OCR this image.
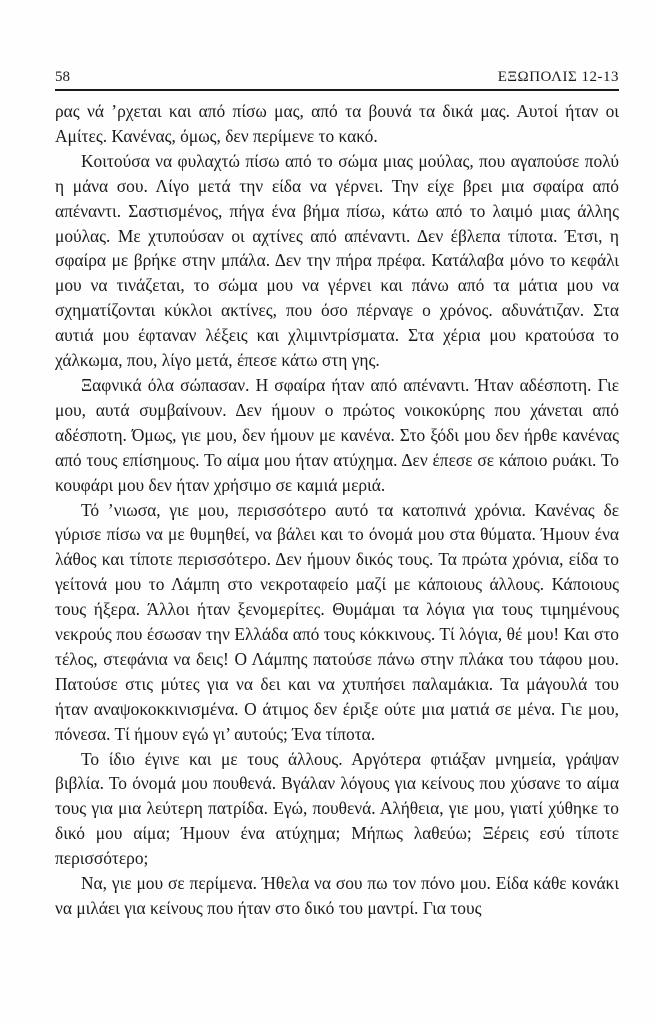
58	ΕΞΩΠΟΛΙΣ 12-13

ρας νά ’ρχεται και από πίσω μας, από τα βουνά τα δικά μας. Αυτοί ήταν οι Αμίτες. Κανένας, όμως, δεν περίμενε το κακό.

Κοιτούσα να φυλαχτώ πίσω από το σώμα μιας μούλας, που αγαπούσε πολύ η μάνα σου. Λίγο μετά την είδα να γέρνει. Την είχε βρει μια σφαίρα από απέναντι. Σαστισμένος, πήγα ένα βήμα πίσω, κάτω από το λαιμό μιας άλλης μούλας. Με χτυπούσαν οι αχτίνες από απέναντι. Δεν έβλεπα τίποτα. Έτσι, η σφαίρα με βρήκε στην μπάλα. Δεν την πήρα πρέφα. Κατάλαβα μόνο το κεφάλι μου να τινάζεται, το σώμα μου να γέρνει και πάνω από τα μάτια μου να σχηματίζονται κύκλοι ακτίνες, που όσο πέρναγε ο χρόνος. αδυνάτιζαν. Στα αυτιά μου έφταναν λέξεις και χλιμιντρίσματα. Στα χέρια μου κρατούσα το χάλκωμα, που, λίγο μετά, έπεσε κάτω στη γης.

Ξαφνικά όλα σώπασαν. Η σφαίρα ήταν από απέναντι. Ήταν αδέσποτη. Γιε μου, αυτά συμβαίνουν. Δεν ήμουν ο πρώτος νοικοκύρης που χάνεται από αδέσποτη. Όμως, γιε μου, δεν ήμουν με κανένα. Στο ξόδι μου δεν ήρθε κανένας από τους επίσημους. Το αίμα μου ήταν ατύχημα. Δεν έπεσε σε κάποιο ρυάκι. Το κουφάρι μου δεν ήταν χρήσιμο σε καμιά μεριά.

Τό ’νιωσα, γιε μου, περισσότερο αυτό τα κατοπινά χρόνια. Κανένας δε γύρισε πίσω να με θυμηθεί, να βάλει και το όνομά μου στα θύματα. Ήμουν ένα λάθος και τίποτε περισσότερο. Δεν ήμουν δικός τους. Τα πρώτα χρόνια, είδα το γείτονά μου το Λάμπη στο νεκροταφείο μαζί με κάποιους άλλους. Κάποιους τους ήξερα. Άλλοι ήταν ξενομερίτες. Θυμάμαι τα λόγια για τους τιμημένους νεκρούς που έσωσαν την Ελλάδα από τους κόκκινους. Τί λόγια, θέ μου! Και στο τέλος, στεφάνια να δεις! Ο Λάμπης πατούσε πάνω στην πλάκα του τάφου μου. Πατούσε στις μύτες για να δει και να χτυπήσει παλαμάκια. Τα μάγουλά του ήταν αναψοκοκκινισμένα. Ο άτιμος δεν έριξε ούτε μια ματιά σε μένα. Γιε μου, πόνεσα. Τί ήμουν εγώ γι’ αυτούς; Ένα τίποτα.

Το ίδιο έγινε και με τους άλλους. Αργότερα φτιάξαν μνημεία, γράψαν βιβλία. Το όνομά μου πουθενά. Βγάλαν λόγους για κείνους που χύσανε το αίμα τους για μια λεύτερη πατρίδα. Εγώ, πουθενά. Αλήθεια, γιε μου, γιατί χύθηκε το δικό μου αίμα; Ήμουν ένα ατύχημα; Μήπως λαθεύω; Ξέρεις εσύ τίποτε περισσότερο;

Να, γιε μου σε περίμενα. Ήθελα να σου πω τον πόνο μου. Είδα κάθε κονάκι να μιλάει για κείνους που ήταν στο δικό του μαντρί. Για τους
